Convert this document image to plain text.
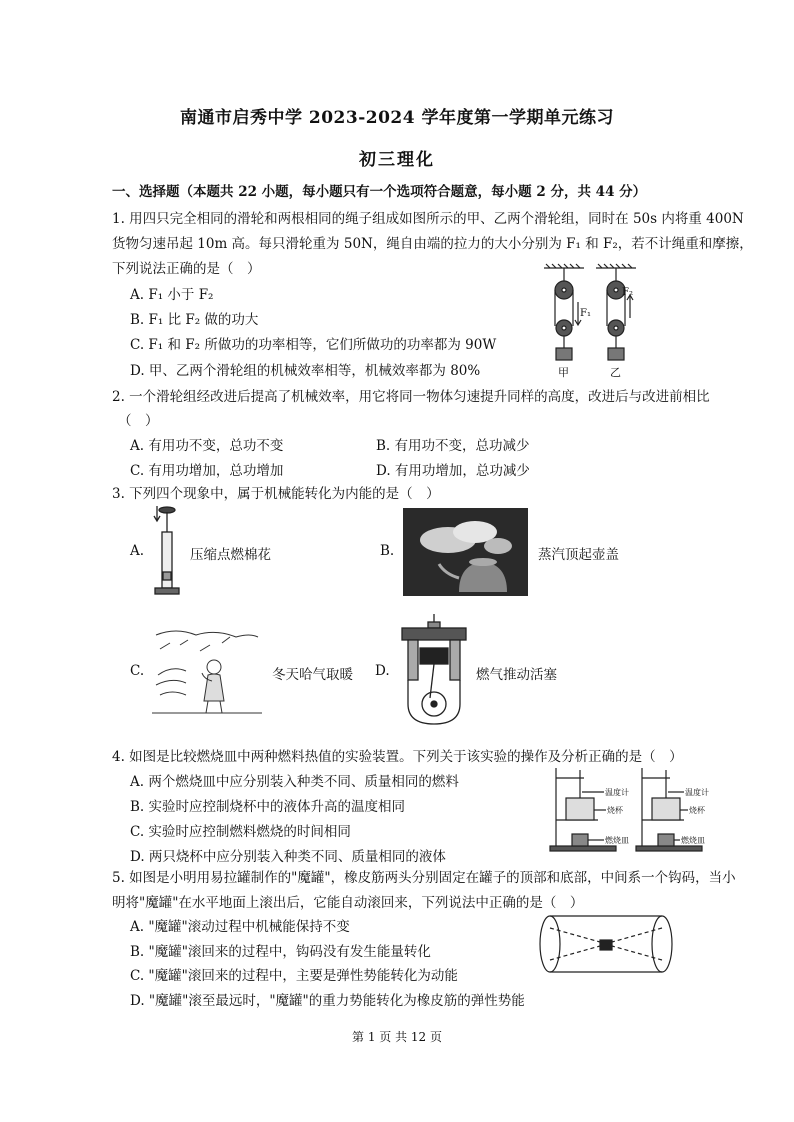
南通市启秀中学 2023-2024 学年度第一学期单元练习
初三理化
一、选择题（本题共 22 小题，每小题只有一个选项符合题意，每小题 2 分，共 44 分）
1. 用四只完全相同的滑轮和两根相同的绳子组成如图所示的甲、乙两个滑轮组，同时在 50s 内将重 400N
货物匀速吊起 10m 高。每只滑轮重为 50N，绳自由端的拉力的大小分别为 F₁ 和 F₂，若不计绳重和摩擦，
下列说法正确的是（　）
A. F₁ 小于 F₂
B. F₁ 比 F₂ 做的功大
C. F₁ 和 F₂ 所做功的功率相等，它们所做功的功率都为 90W
D. 甲、乙两个滑轮组的机械效率相等，机械效率都为 80%
F₁
F₂
甲	乙
2. 一个滑轮组经改进后提高了机械效率，用它将同一物体匀速提升同样的高度，改进后与改进前相比
（　）
A. 有用功不变，总功不变	B. 有用功不变，总功减少
C. 有用功增加，总功增加	D. 有用功增加，总功减少
3. 下列四个现象中，属于机械能转化为内能的是（　）
A.	压缩点燃棉花	B.	蒸汽顶起壶盖
C.	冬天哈气取暖 D.	燃气推动活塞
4. 如图是比较燃烧皿中两种燃料热值的实验装置。下列关于该实验的操作及分析正确的是（　）
A. 两个燃烧皿中应分别装入种类不同、质量相同的燃料
B. 实验时应控制烧杯中的液体升高的温度相同
C. 实验时应控制燃料燃烧的时间相同
D. 两只烧杯中应分别装入种类不同、质量相同的液体
温度计
烧杯
燃烧皿
温度计
烧杯
燃烧皿
5. 如图是小明用易拉罐制作的"魔罐"，橡皮筋两头分别固定在罐子的顶部和底部，中间系一个钩码，当小
明将"魔罐"在水平地面上滚出后，它能自动滚回来，下列说法中正确的是（　）
A. "魔罐"滚动过程中机械能保持不变
B. "魔罐"滚回来的过程中，钩码没有发生能量转化
C. "魔罐"滚回来的过程中，主要是弹性势能转化为动能
D. "魔罐"滚至最远时，"魔罐"的重力势能转化为橡皮筋的弹性势能
第 1 页 共 12 页
